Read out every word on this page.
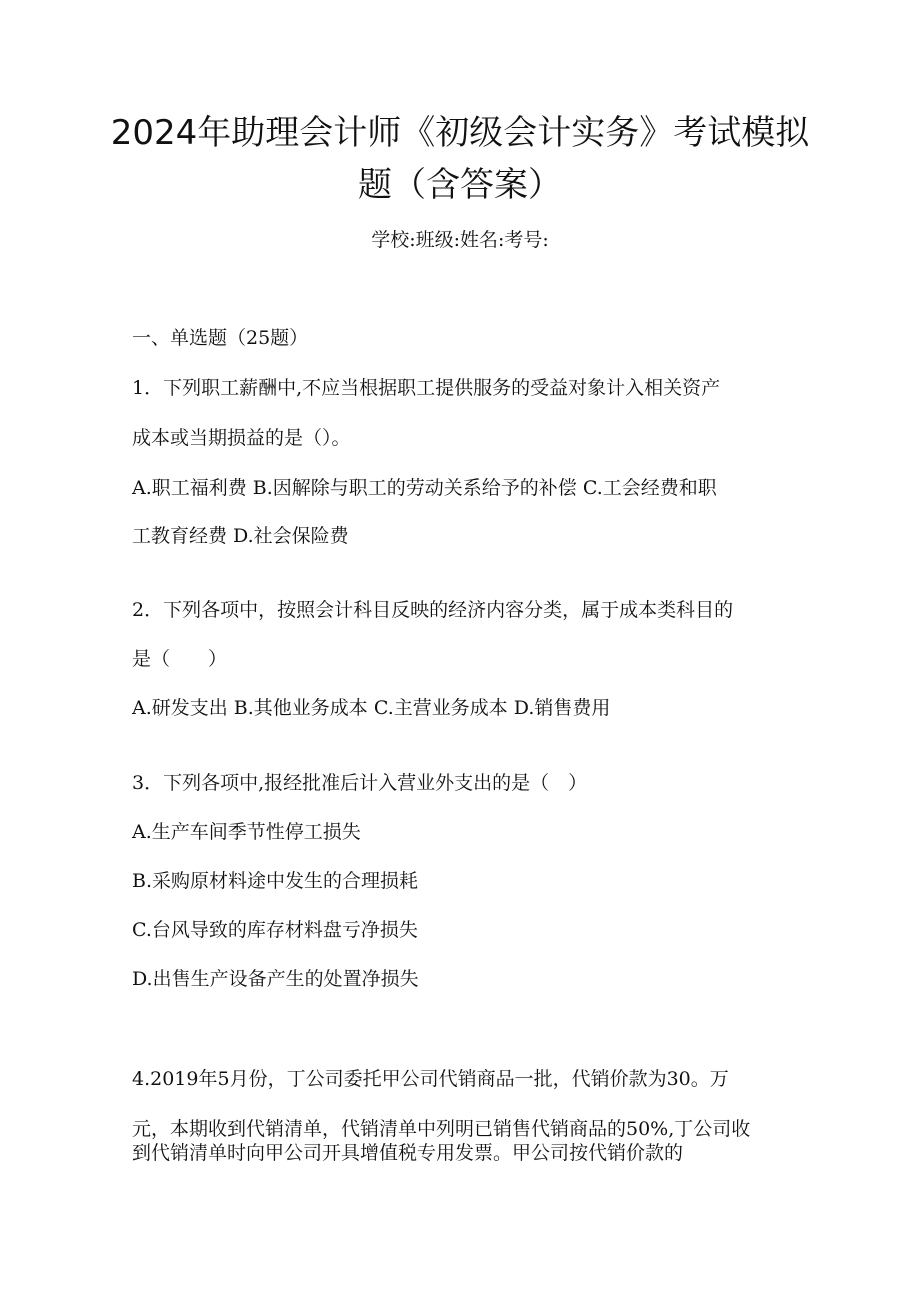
2024年助理会计师《初级会计实务》考试模拟
题（含答案）
学校:班级:姓名:考号:
一、单选题（25题）
1．下列职工薪酬中,不应当根据职工提供服务的受益对象计入相关资产
成本或当期损益的是（）。
A.职工福利费 B.因解除与职工的劳动关系给予的补偿 C.工会经费和职
工教育经费 D.社会保险费
2．下列各项中，按照会计科目反映的经济内容分类，属于成本类科目的
是（　　）
A.研发支出 B.其他业务成本 C.主营业务成本 D.销售费用
3．下列各项中,报经批准后计入营业外支出的是（　）
A.生产车间季节性停工损失
B.采购原材料途中发生的合理损耗
C.台风导致的库存材料盘亏净损失
D.出售生产设备产生的处置净损失
4.2019年5月份，丁公司委托甲公司代销商品一批，代销价款为30。万
元，本期收到代销清单，代销清单中列明已销售代销商品的50%,丁公司收
到代销清单时向甲公司开具增值税专用发票。甲公司按代销价款的
